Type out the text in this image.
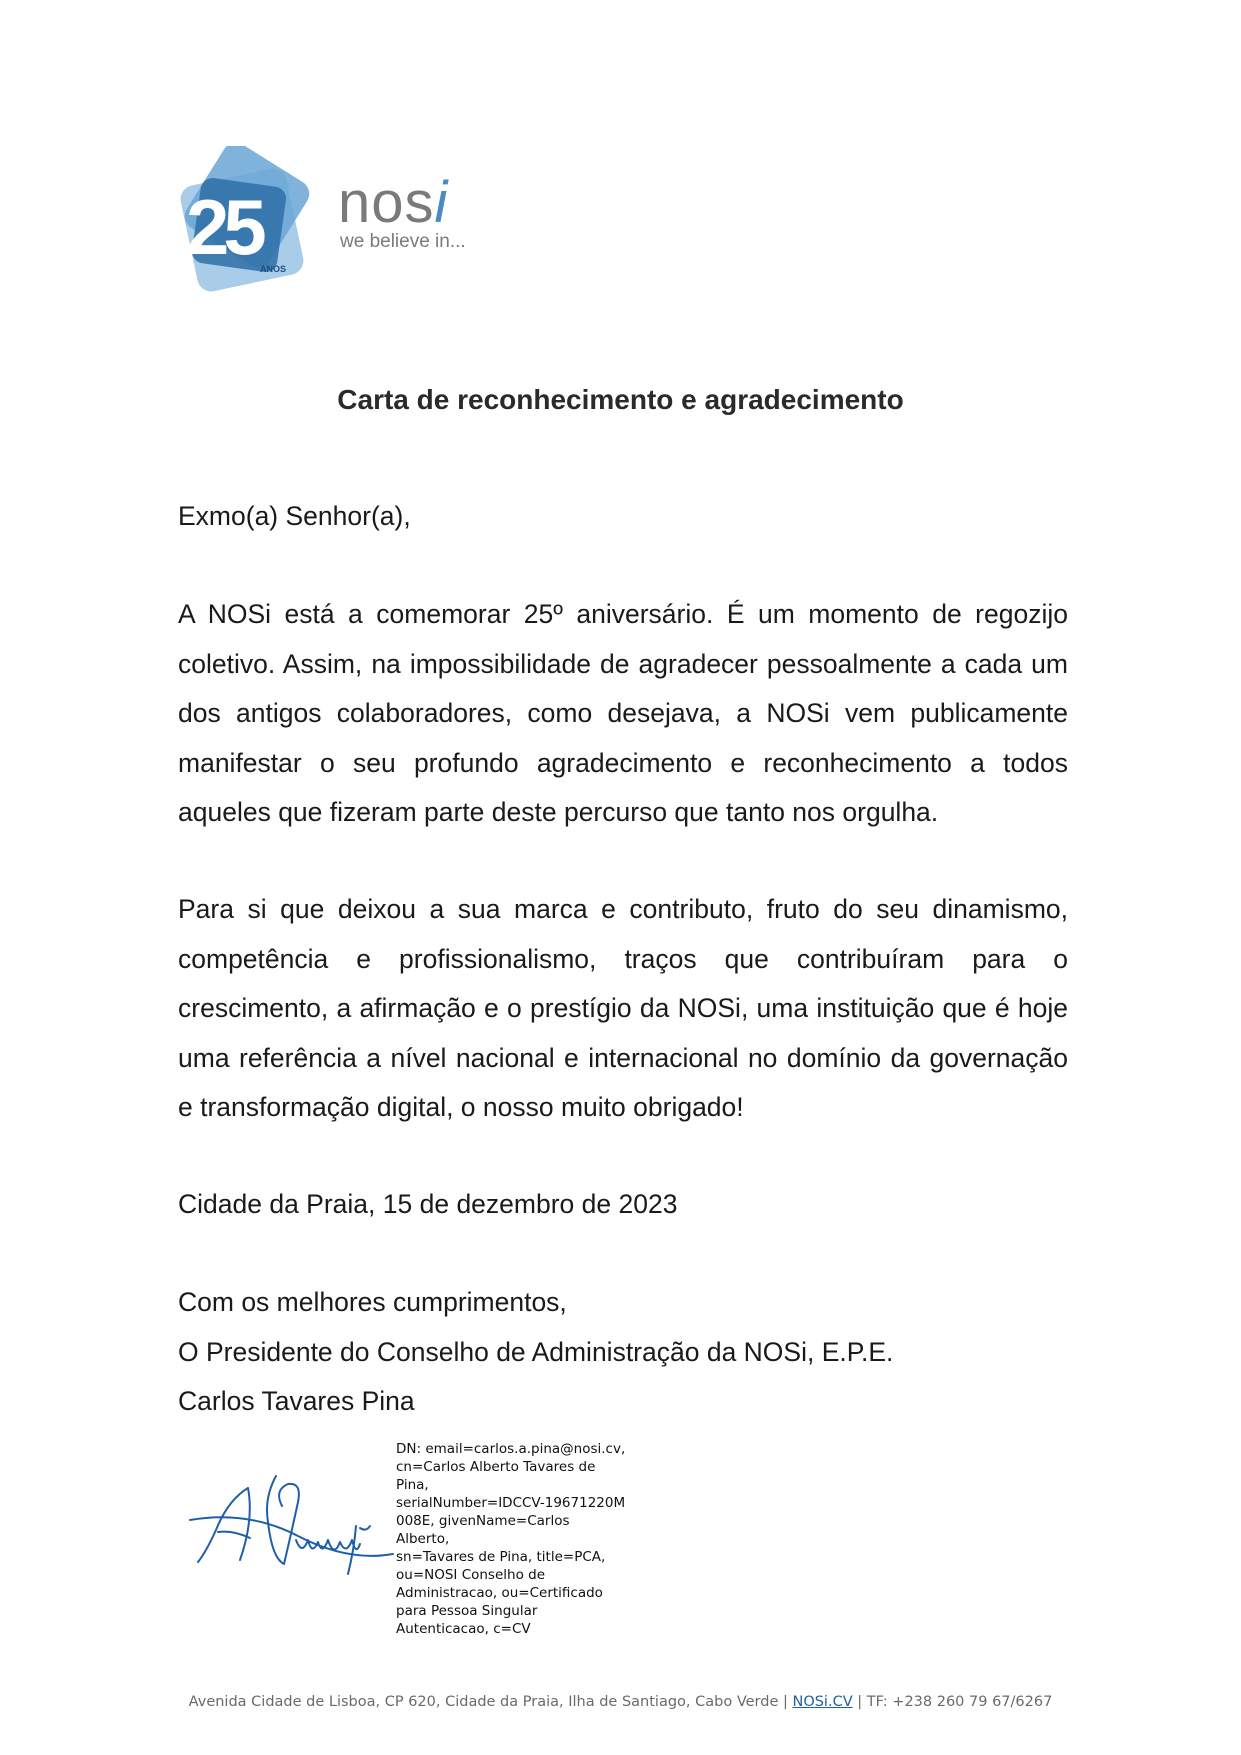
25 ANOS
nosi
we believe in...
Carta de reconhecimento e agradecimento
Exmo(a) Senhor(a),
A NOSi está a comemorar 25º aniversário. É um momento de regozijo
coletivo. Assim, na impossibilidade de agradecer pessoalmente a cada um
dos antigos colaboradores, como desejava, a NOSi vem publicamente
manifestar o seu profundo agradecimento e reconhecimento a todos
aqueles que fizeram parte deste percurso que tanto nos orgulha.
Para si que deixou a sua marca e contributo, fruto do seu dinamismo,
competência e profissionalismo, traços que contribuíram para o
crescimento, a afirmação e o prestígio da NOSi, uma instituição que é hoje
uma referência a nível nacional e internacional no domínio da governação
e transformação digital, o nosso muito obrigado!
Cidade da Praia, 15 de dezembro de 2023
Com os melhores cumprimentos,
O Presidente do Conselho de Administração da NOSi, E.P.E.
Carlos Tavares Pina
DN: email=carlos.a.pina@nosi.cv,
cn=Carlos Alberto Tavares de
Pina,
serialNumber=IDCCV-19671220M
008E, givenName=Carlos Alberto,
sn=Tavares de Pina, title=PCA,
ou=NOSI Conselho de
Administracao, ou=Certificado
para Pessoa Singular
Autenticacao, c=CV
Avenida Cidade de Lisboa, CP 620, Cidade da Praia, Ilha de Santiago, Cabo Verde | NOSi.CV | TF: +238 260 79 67/6267
